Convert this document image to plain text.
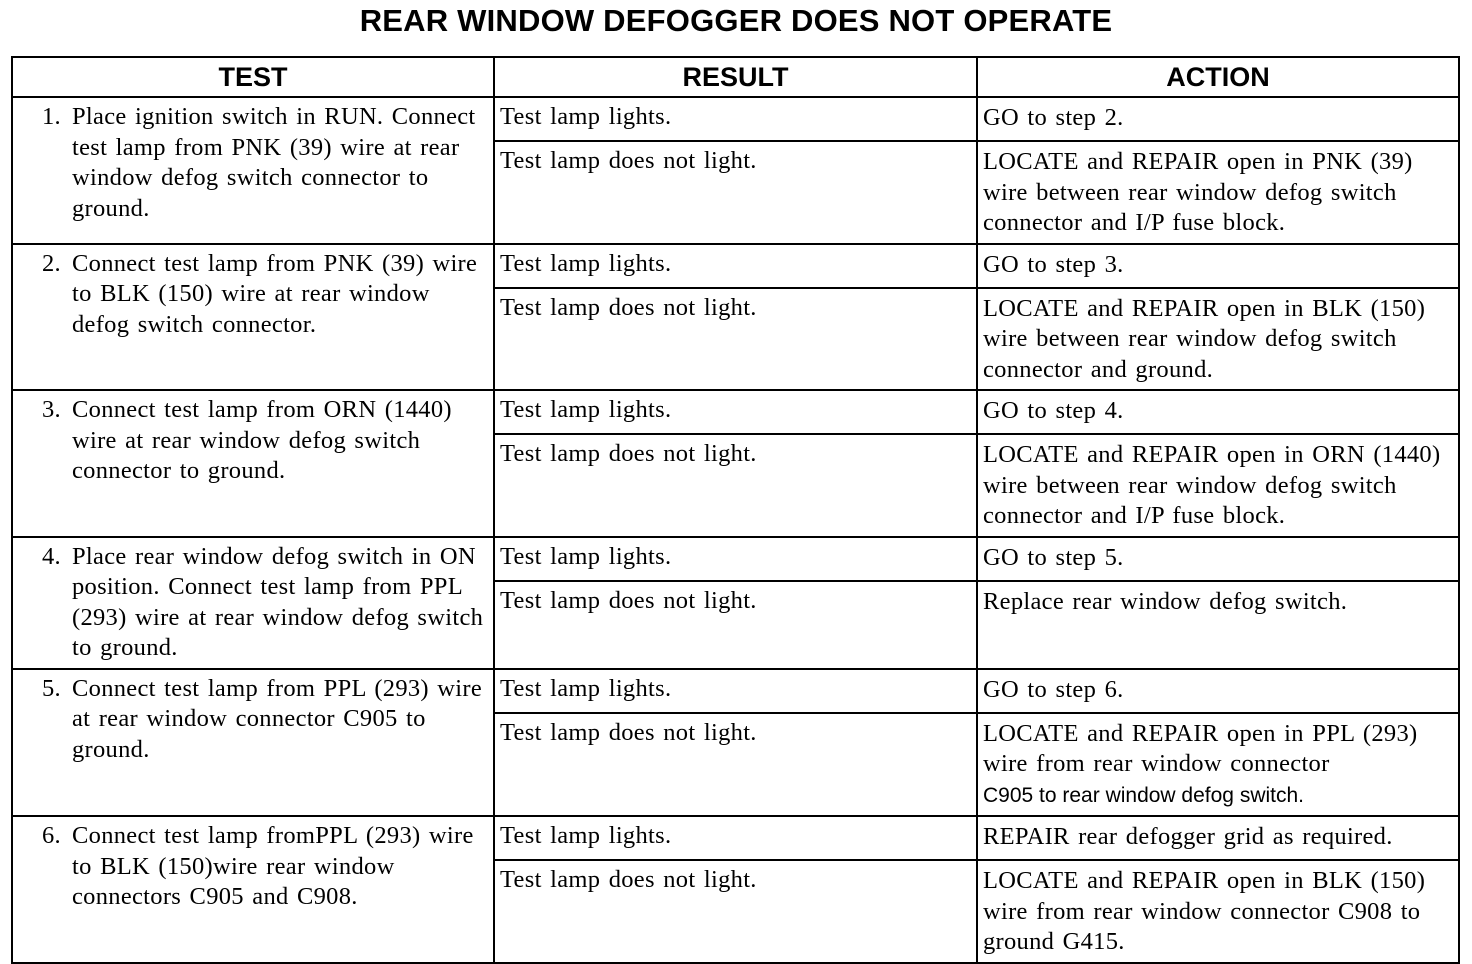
REAR WINDOW DEFOGGER DOES NOT OPERATE
TEST	RESULT	ACTION

1. Place ignition switch in RUN. Connect test lamp from PNK (39) wire at rear window defog switch connector to ground.	Test lamp lights.	GO to step 2.
	Test lamp does not light.	LOCATE and REPAIR open in PNK (39) wire between rear window defog switch connector and I/P fuse block.

2. Connect test lamp from PNK (39) wire to BLK (150) wire at rear window defog switch connector.	Test lamp lights.	GO to step 3.
	Test lamp does not light.	LOCATE and REPAIR open in BLK (150) wire between rear window defog switch connector and ground.

3. Connect test lamp from ORN (1440) wire at rear window defog switch connector to ground.	Test lamp lights.	GO to step 4.
	Test lamp does not light.	LOCATE and REPAIR open in ORN (1440) wire between rear window defog switch connector and I/P fuse block.

4. Place rear window defog switch in ON position. Connect test lamp from PPL (293) wire at rear window defog switch to ground.	Test lamp lights.	GO to step 5.
	Test lamp does not light.	Replace rear window defog switch.

5. Connect test lamp from PPL (293) wire at rear window connector C905 to ground.	Test lamp lights.	GO to step 6.
	Test lamp does not light.	LOCATE and REPAIR open in PPL (293) wire from rear window connector
C905 to rear window defog switch.

6. Connect test lamp fromPPL (293) wire to BLK (150)wire rear window connectors C905 and C908.	Test lamp lights.	REPAIR rear defogger grid as required.
	Test lamp does not light.	LOCATE and REPAIR open in BLK (150) wire from rear window connector C908 to ground G415.
